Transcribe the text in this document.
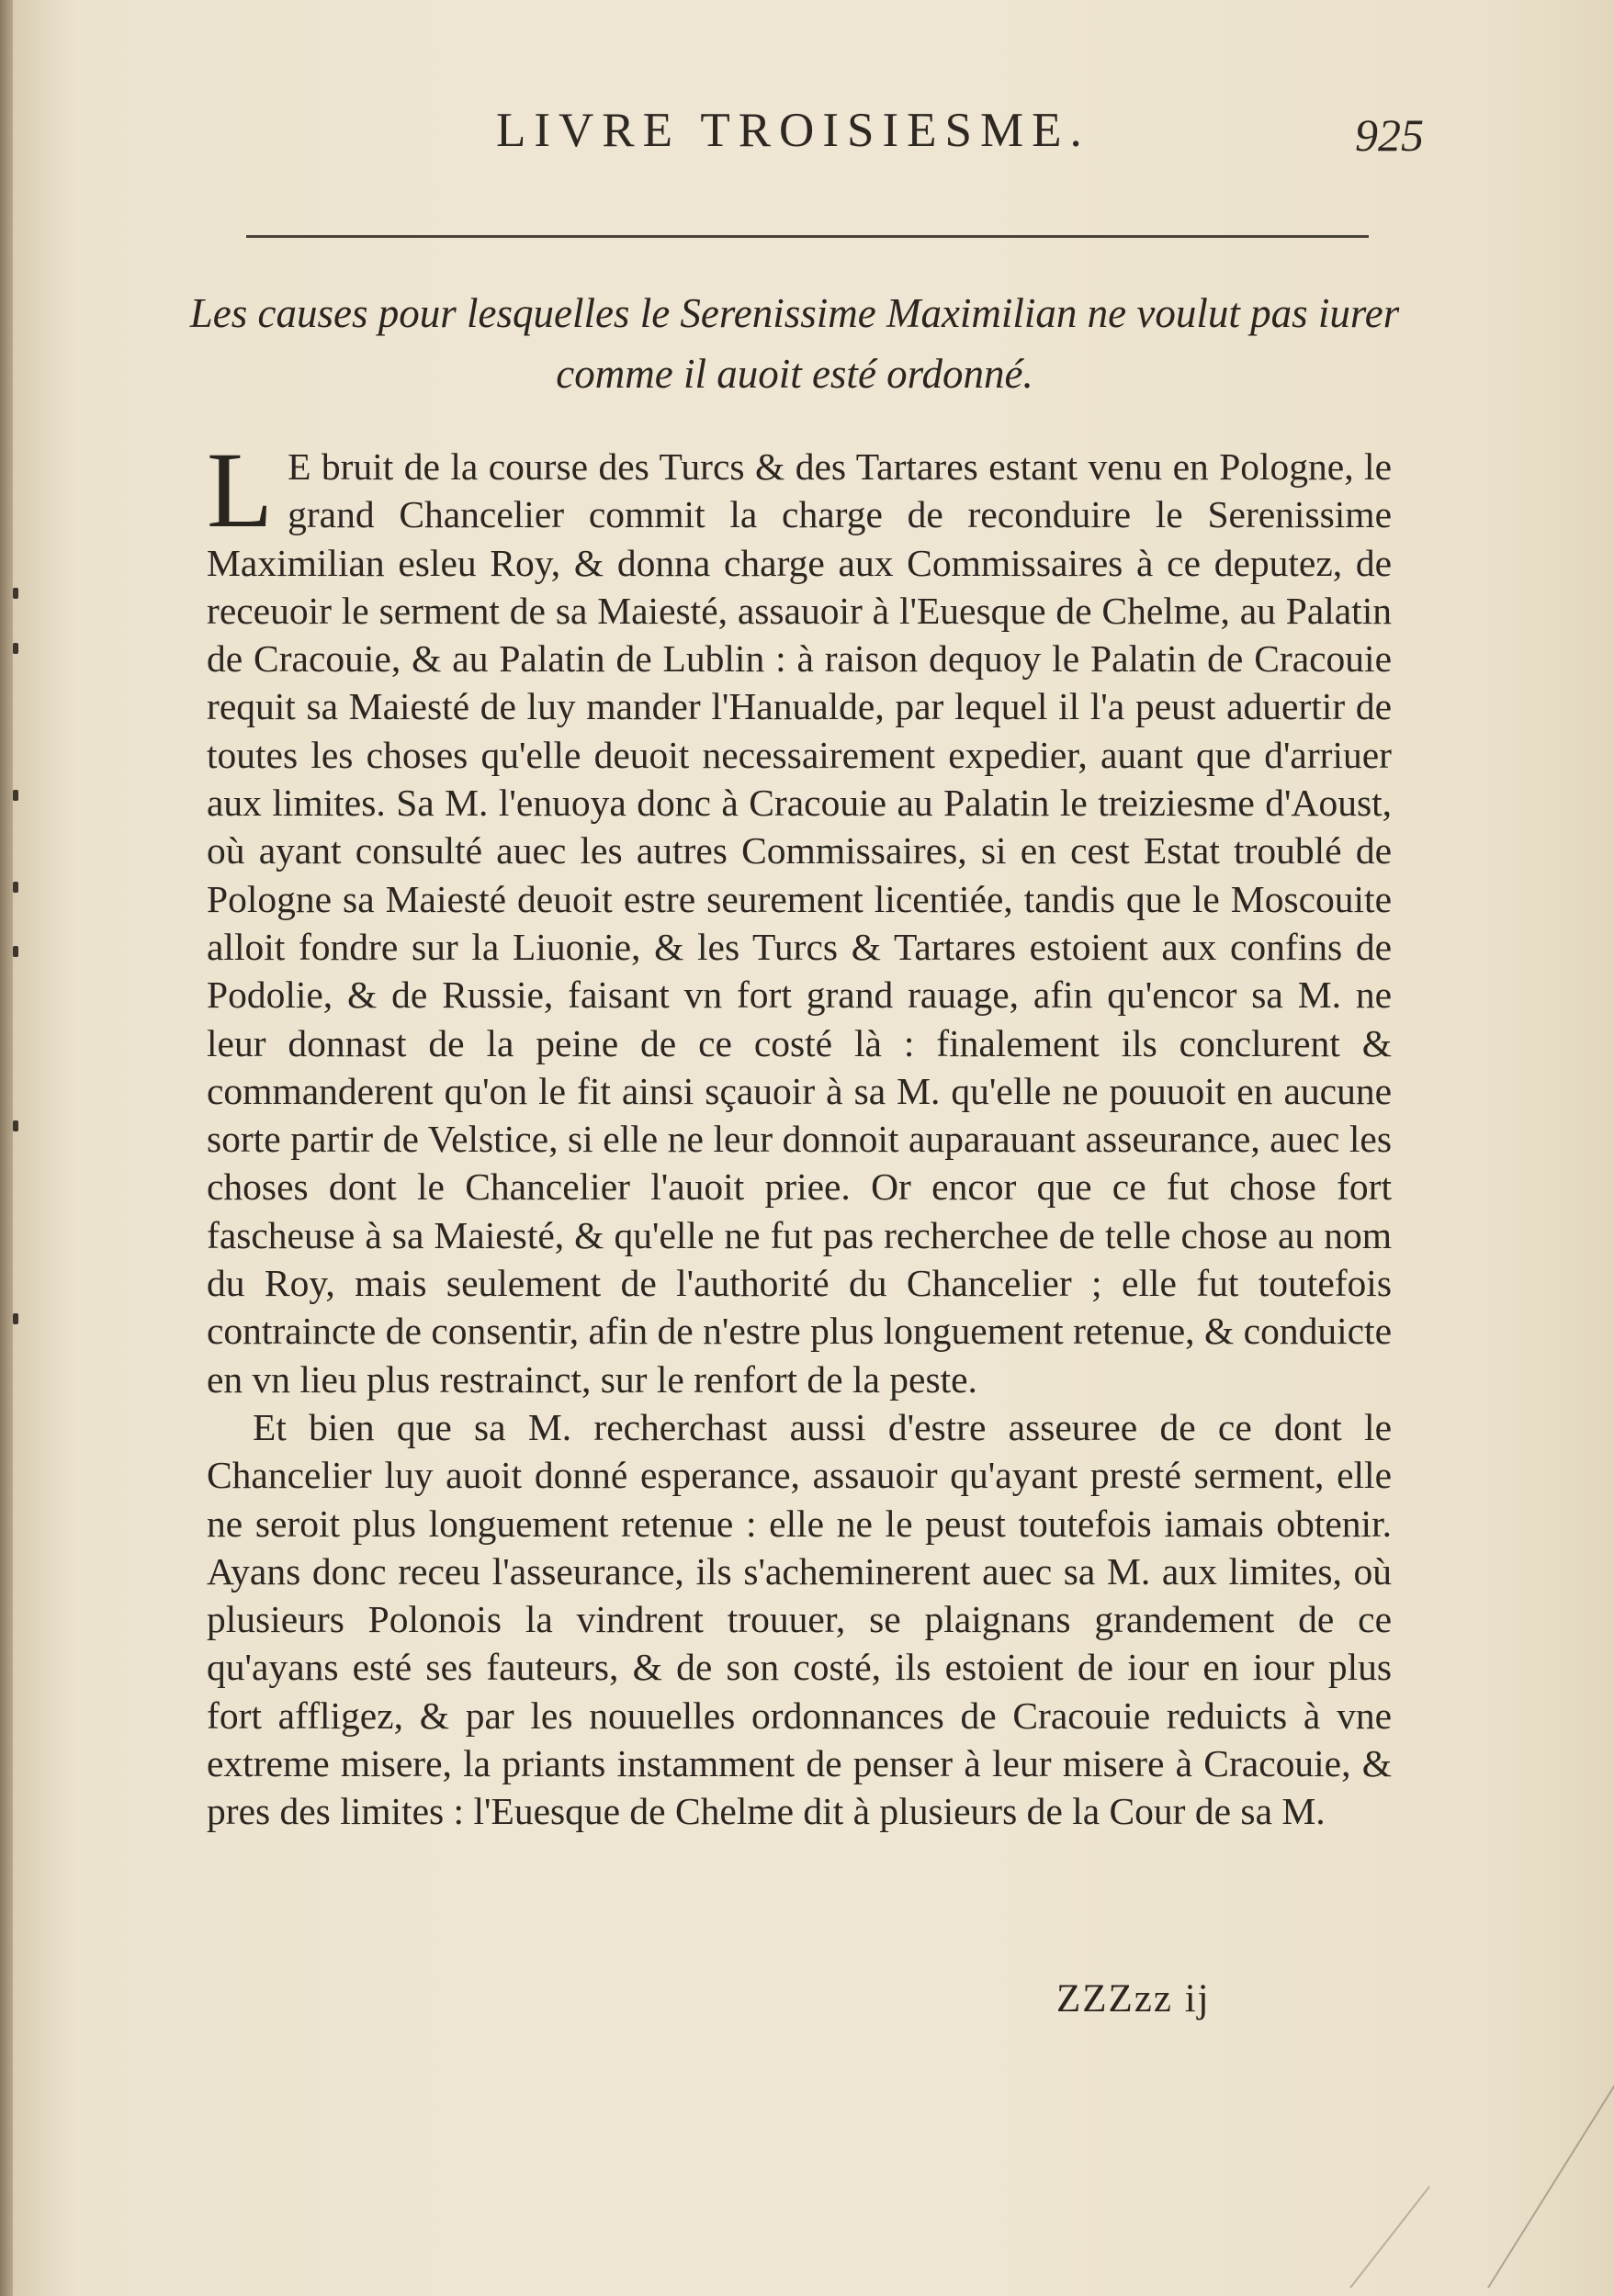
LIVRE TROISIESME.	925
Les causes pour lesquelles le Serenissime Maximilian ne voulut pas iurer comme il auoit esté ordonné.

L E bruit de la course des Turcs & des Tartares estant venu en Pologne, le grand Chancelier commit la charge de reconduire le Serenissime Maximilian esleu Roy, & donna charge aux Commissaires à ce deputez, de receuoir le serment de sa Maiesté, assauoir à l'Euesque de Chelme, au Palatin de Cracouie, & au Palatin de Lublin : à raison dequoy le Palatin de Cracouie requit sa Maiesté de luy mander l'Hanualde, par lequel il l'a peust aduertir de toutes les choses qu'elle deuoit necessairement expedier, auant que d'arriuer aux limites. Sa M. l'enuoya donc à Cracouie au Palatin le treiziesme d'Aoust, où ayant consulté auec les autres Commissaires, si en cest Estat troublé de Pologne sa Maiesté deuoit estre seurement licentiée, tandis que le Moscouite alloit fondre sur la Liuonie, & les Turcs & Tartares estoient aux confins de Podolie, & de Russie, faisant vn fort grand rauage, afin qu'encor sa M. ne leur donnast de la peine de ce costé là : finalement ils conclurent & commanderent qu'on le fit ainsi sçauoir à sa M. qu'elle ne pouuoit en aucune sorte partir de Velstice, si elle ne leur donnoit auparauant asseurance, auec les choses dont le Chancelier l'auoit priee. Or encor que ce fut chose fort fascheuse à sa Maiesté, & qu'elle ne fut pas recherchee de telle chose au nom du Roy, mais seulement de l'authorité du Chancelier ; elle fut toutefois contraincte de consentir, afin de n'estre plus longuement retenue, & conduicte en vn lieu plus restrainct, sur le renfort de la peste.

Et bien que sa M. recherchast aussi d'estre asseuree de ce dont le Chancelier luy auoit donné esperance, assauoir qu'ayant presté serment, elle ne seroit plus longuement retenue : elle ne le peust toutefois iamais obtenir. Ayans donc receu l'asseurance, ils s'acheminerent auec sa M. aux limites, où plusieurs Polonois la vindrent trouuer, se plaignans grandement de ce qu'ayans esté ses fauteurs, & de son costé, ils estoient de iour en iour plus fort affligez, & par les nouuelles ordonnances de Cracouie reduicts à vne extreme misere, la priants instamment de penser à leur misere à Cracouie, & pres des limites : l'Euesque de Chelme dit à plusieurs de la Cour de sa M.

ZZZzz ij
